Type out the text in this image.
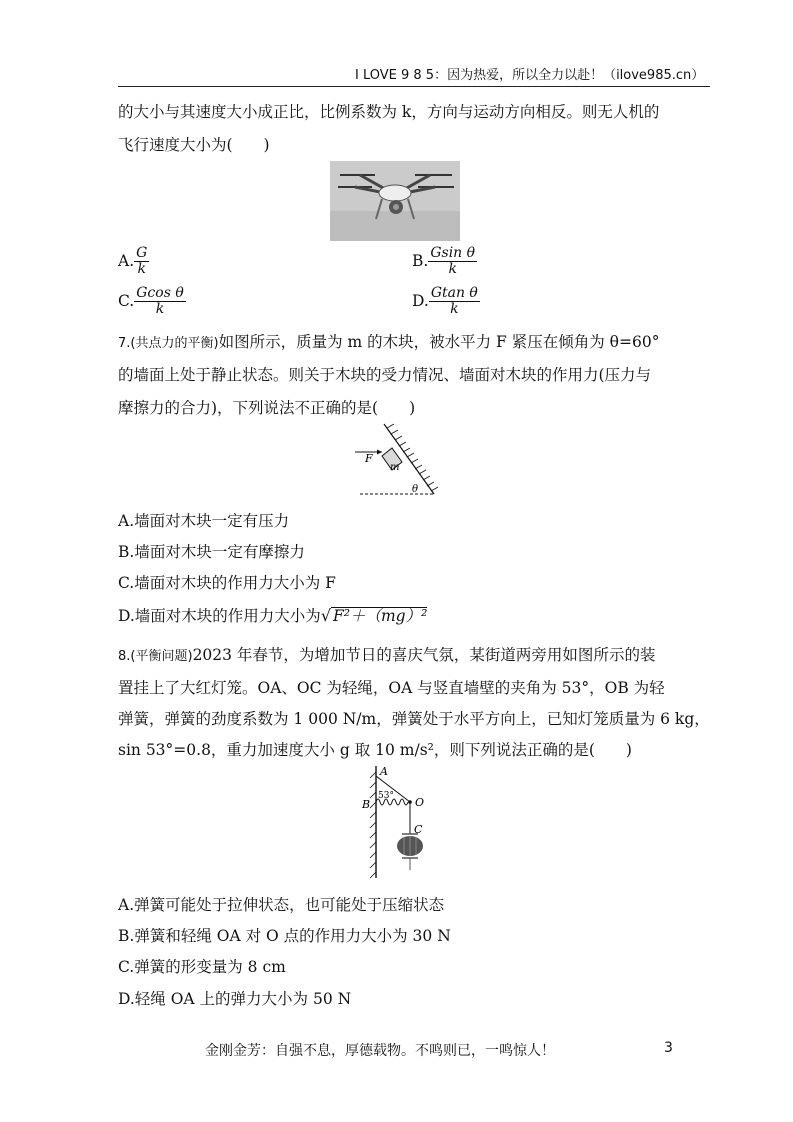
I LOVE 9 8 5：因为热爱，所以全力以赴！（ilove985.cn）
的大小与其速度大小成正比，比例系数为 k，方向与运动方向相反。则无人机的
飞行速度大小为(　　)
A. $\frac{G}{k}$	B. $\frac{\text{Gsin θ}}{k}$
C. $\frac{\text{Gcos θ}}{k}$	D. $\frac{\text{Gtan θ}}{k}$
7.(共点力的平衡)如图所示，质量为 m 的木块，被水平力 F 紧压在倾角为 θ=60°
的墙面上处于静止状态。则关于木块的受力情况、墙面对木块的作用力(压力与
摩擦力的合力)，下列说法不正确的是(　　)
F
m
θ
A.墙面对木块一定有压力
B.墙面对木块一定有摩擦力
C.墙面对木块的作用力大小为 F
D.墙面对木块的作用力大小为√ F²＋（mg）²
8.(平衡问题)2023 年春节，为增加节日的喜庆气氛，某街道两旁用如图所示的装
置挂上了大红灯笼。OA、OC 为轻绳，OA 与竖直墙壁的夹角为 53°，OB 为轻
弹簧，弹簧的劲度系数为 1 000 N/m，弹簧处于水平方向上，已知灯笼质量为 6 kg，
sin 53°=0.8，重力加速度大小 g 取 10 m/s²，则下列说法正确的是(　　)
A
53°
B	O
C
A.弹簧可能处于拉伸状态，也可能处于压缩状态
B.弹簧和轻绳 OA 对 O 点的作用力大小为 30 N
C.弹簧的形变量为 8 cm
D.轻绳 OA 上的弹力大小为 50 N
金刚金芳：自强不息，厚德载物。不鸣则已，一鸣惊人！	3
